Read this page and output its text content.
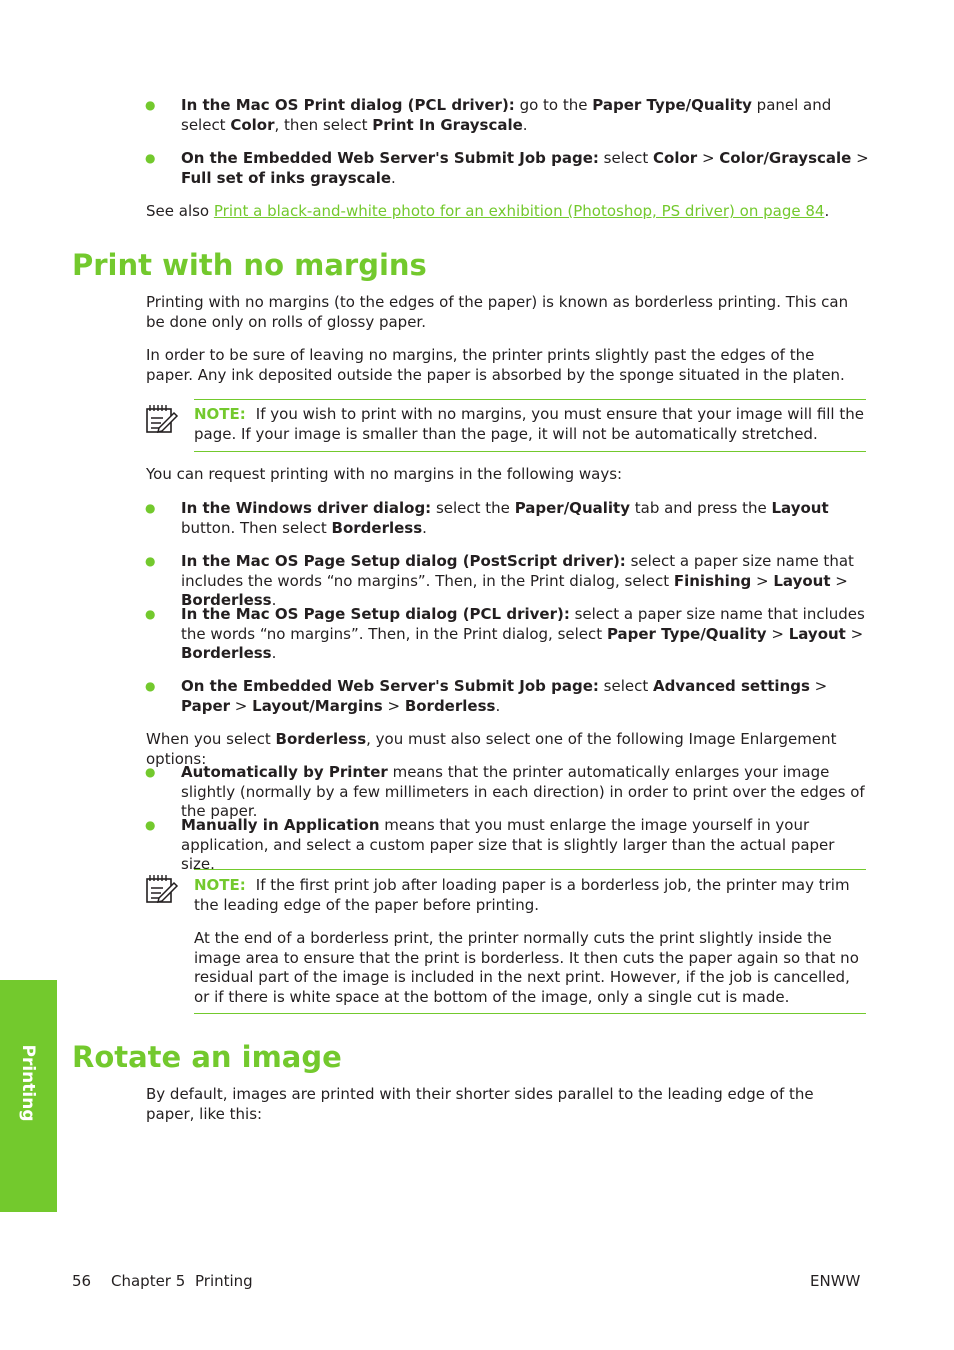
●
In the Mac OS Print dialog (PCL driver): go to the Paper Type/Quality panel and select Color, then select Print In Grayscale.
●
On the Embedded Web Server's Submit Job page: select Color > Color/Grayscale > Full set of inks grayscale.
See also Print a black-and-white photo for an exhibition (Photoshop, PS driver) on page 84.
Print with no margins

Printing with no margins (to the edges of the paper) is known as borderless printing. This can be done only on rolls of glossy paper.

In order to be sure of leaving no margins, the printer prints slightly past the edges of the paper. Any ink deposited outside the paper is absorbed by the sponge situated in the platen.

NOTE: If you wish to print with no margins, you must ensure that your image will fill the page. If your image is smaller than the page, it will not be automatically stretched.

You can request printing with no margins in the following ways:

●
In the Windows driver dialog: select the Paper/Quality tab and press the Layout button. Then select Borderless.
●
In the Mac OS Page Setup dialog (PostScript driver): select a paper size name that includes the words “no margins”. Then, in the Print dialog, select Finishing > Layout > Borderless.
●
In the Mac OS Page Setup dialog (PCL driver): select a paper size name that includes the words “no margins”. Then, in the Print dialog, select Paper Type/Quality > Layout > Borderless.
●
On the Embedded Web Server's Submit Job page: select Advanced settings > Paper > Layout/Margins > Borderless.
When you select Borderless, you must also select one of the following Image Enlargement options:
●
Automatically by Printer means that the printer automatically enlarges your image slightly (normally by a few millimeters in each direction) in order to print over the edges of the paper.
●
Manually in Application means that you must enlarge the image yourself in your application, and select a custom paper size that is slightly larger than the actual paper size.
NOTE: If the first print job after loading paper is a borderless job, the printer may trim the leading edge of the paper before printing.

At the end of a borderless print, the printer normally cuts the print slightly inside the image area to ensure that the print is borderless. It then cuts the paper again so that no residual part of the image is included in the next print. However, if the job is cancelled, or if there is white space at the bottom of the image, only a single cut is made.

Rotate an image

By default, images are printed with their shorter sides parallel to the leading edge of the paper, like this:

Printing
56 Chapter 5 Printing	ENWW
